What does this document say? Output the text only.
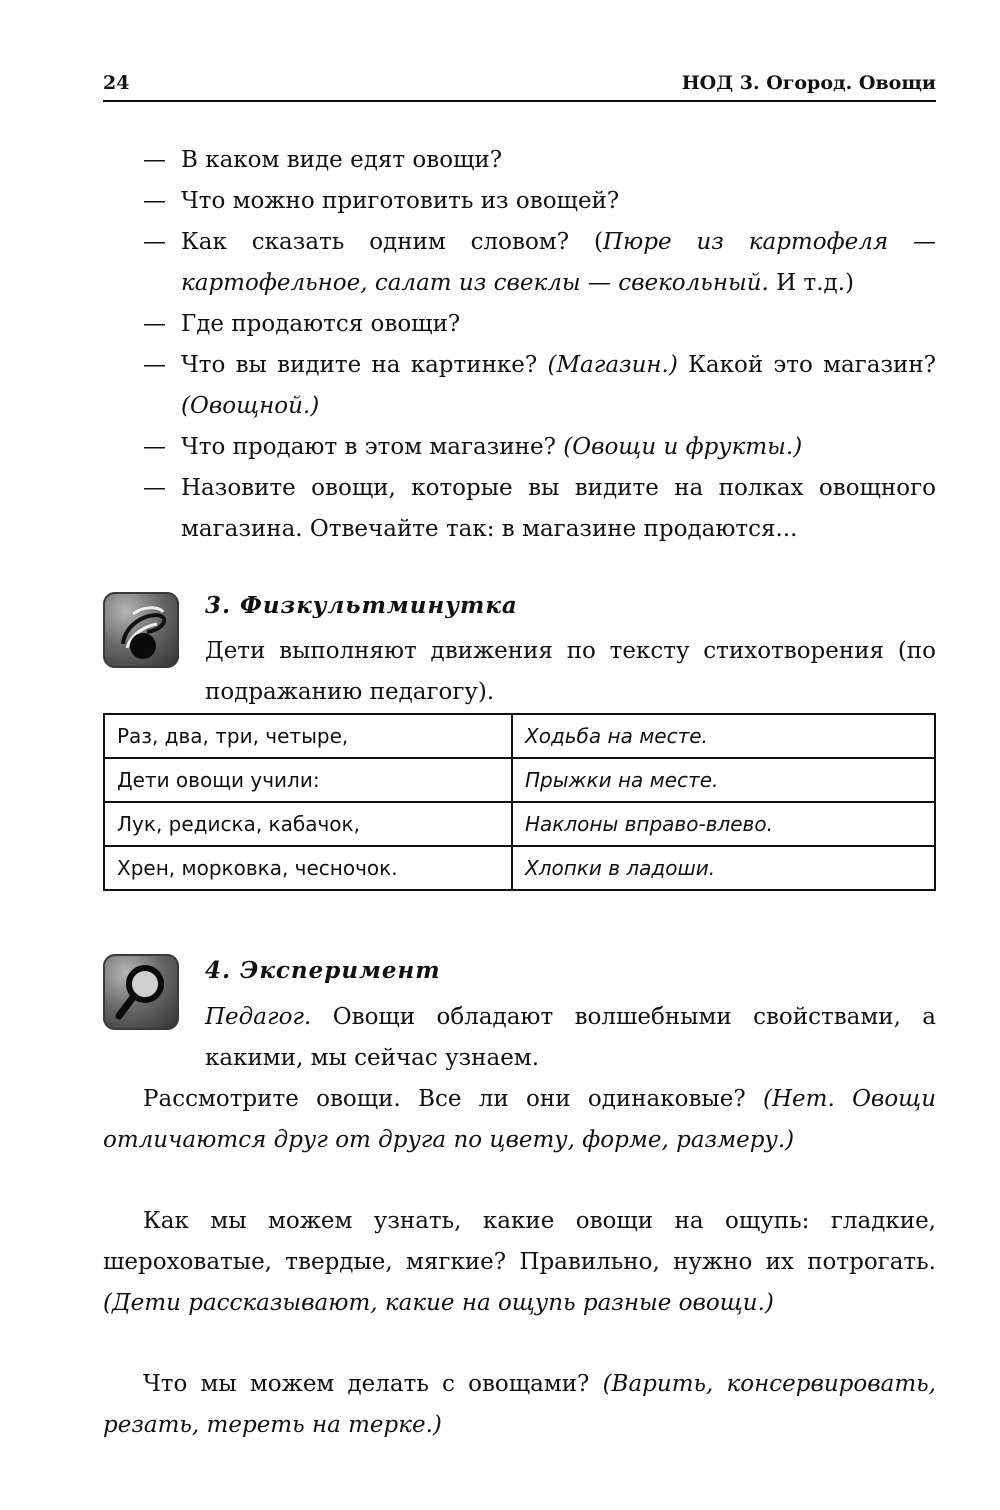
24	НОД 3. Огород. Овощи
— В каком виде едят овощи?
— Что можно приготовить из овощей?
— Как сказать одним словом? (Пюре из картофеля — картофельное, салат из свеклы — свекольный. И т.д.)
— Где продаются овощи?
— Что вы видите на картинке? (Магазин.) Какой это магазин? (Овощной.)
— Что продают в этом магазине? (Овощи и фрукты.)
— Назовите овощи, которые вы видите на полках овощного магазина. Отвечайте так: в магазине продаются...
3. Физкультминутка
Дети выполняют движения по тексту стихотворения (по подражанию педагогу).
Раз, два, три, четыре,	Ходьба на месте.
Дети овощи учили:	Прыжки на месте.
Лук, редиска, кабачок,	Наклоны вправо-влево.
Хрен, морковка, чесночок.	Хлопки в ладоши.
4. Эксперимент
Педагог. Овощи обладают волшебными свойствами, а какими, мы сейчас узнаем.
Рассмотрите овощи. Все ли они одинаковые? (Нет. Овощи отличаются друг от друга по цвету, форме, размеру.)
Как мы можем узнать, какие овощи на ощупь: гладкие, шероховатые, твердые, мягкие? Правильно, нужно их потрогать. (Дети рассказывают, какие на ощупь разные овощи.)
Что мы можем делать с овощами? (Варить, консервировать, резать, тереть на терке.)
